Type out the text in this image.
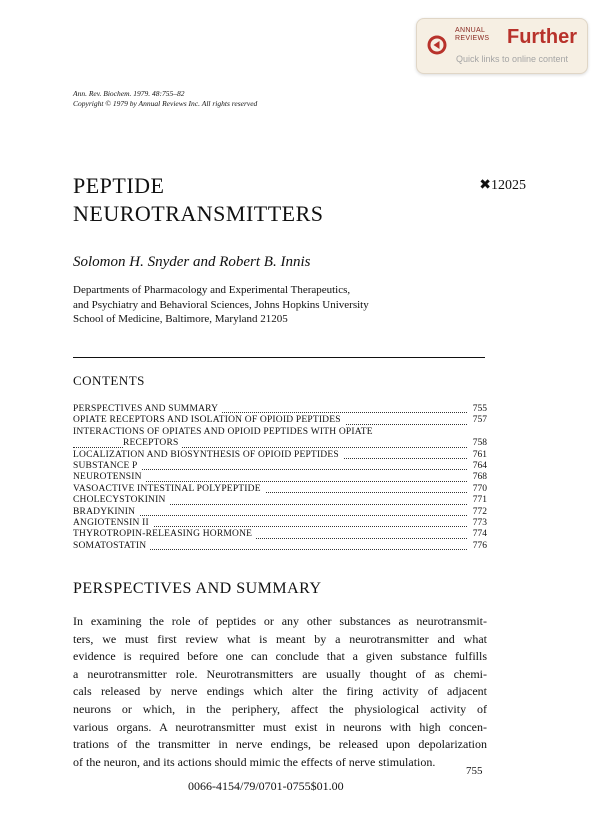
ANNUAL
REVIEWS Further
Quick links to online content
Ann. Rev. Biochem. 1979. 48:755–82
Copyright © 1979 by Annual Reviews Inc. All rights reserved
PEPTIDE
NEUROTRANSMITTERS
✖12025
Solomon H. Snyder and Robert B. Innis
Departments of Pharmacology and Experimental Therapeutics,
and Psychiatry and Behavioral Sciences, Johns Hopkins University
School of Medicine, Baltimore, Maryland 21205
CONTENTS
PERSPECTIVES AND SUMMARY	755
OPIATE RECEPTORS AND ISOLATION OF OPIOID PEPTIDES	757
INTERACTIONS OF OPIATES AND OPIOID PEPTIDES WITH OPIATE
RECEPTORS	758
LOCALIZATION AND BIOSYNTHESIS OF OPIOID PEPTIDES	761
SUBSTANCE P	764
NEUROTENSIN	768
VASOACTIVE INTESTINAL POLYPEPTIDE	770
CHOLECYSTOKININ	771
BRADYKININ	772
ANGIOTENSIN II	773
THYROTROPIN-RELEASING HORMONE	774
SOMATOSTATIN	776
PERSPECTIVES AND SUMMARY
In examining the role of peptides or any other substances as neurotransmit-
ters, we must first review what is meant by a neurotransmitter and what
evidence is required before one can conclude that a given substance fulfills
a neurotransmitter role. Neurotransmitters are usually thought of as chemi-
cals released by nerve endings which alter the firing activity of adjacent
neurons or which, in the periphery, affect the physiological activity of
various organs. A neurotransmitter must exist in neurons with high concen-
trations of the transmitter in nerve endings, be released upon depolarization
of the neuron, and its actions should mimic the effects of nerve stimulation.
755
0066-4154/79/0701-0755$01.00
